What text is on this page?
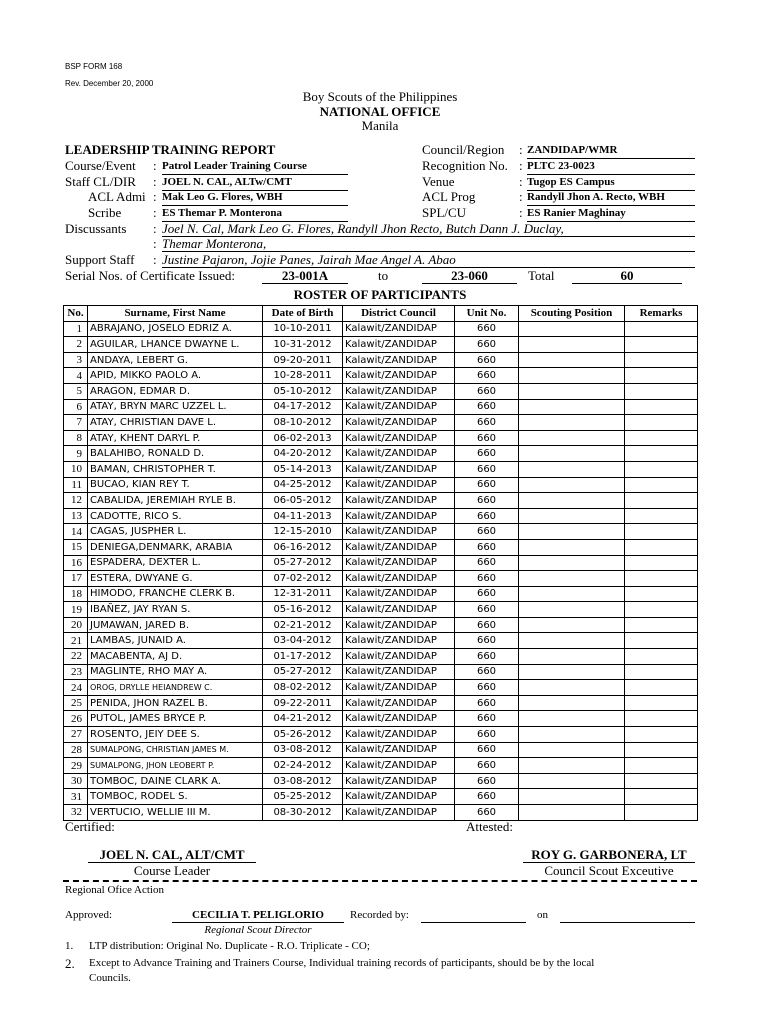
BSP FORM 168
Rev. December 20, 2000
Boy Scouts of the Philippines
NATIONAL OFFICE
Manila
LEADERSHIP TRAINING REPORT
Course/Event : Patrol Leader Training Course
Staff CL/DIR : JOEL N. CAL, ALTw/CMT
ACL Admi : Mak Leo G. Flores, WBH
Scribe : ES Themar P. Monterona
Council/Region : ZANDIDAP/WMR
Recognition No. : PLTC 23-0023
Venue	: Tugop ES Campus
ACL Prog	: Randyll Jhon A. Recto, WBH
SPL/CU	: ES Ranier Maghinay
Discussants : Joel N. Cal, Mark Leo G. Flores, Randyll Jhon Recto, Butch Dann J. Duclay,
: Themar Monterona,
Support Staff : Justine Pajaron, Jojie Panes, Jairah Mae Angel A. Abao
Serial Nos. of Certificate Issued:	23-001A	to	23-060	Total	60
ROSTER OF PARTICIPANTS
No.	Surname, First Name	Date of Birth	District Council	Unit No.	Scouting Position	Remarks
1	ABRAJANO, JOSELO EDRIZ A.	10-10-2011	Kalawit/ZANDIDAP	660		
2	AGUILAR, LHANCE DWAYNE L.	10-31-2012	Kalawit/ZANDIDAP	660		
3	ANDAYA, LEBERT G.	09-20-2011	Kalawit/ZANDIDAP	660		
4	APID, MIKKO PAOLO A.	10-28-2011	Kalawit/ZANDIDAP	660		
5	ARAGON, EDMAR D.	05-10-2012	Kalawit/ZANDIDAP	660		
6	ATAY, BRYN MARC UZZEL L.	04-17-2012	Kalawit/ZANDIDAP	660		
7	ATAY, CHRISTIAN DAVE L.	08-10-2012	Kalawit/ZANDIDAP	660		
8	ATAY, KHENT DARYL P.	06-02-2013	Kalawit/ZANDIDAP	660		
9	BALAHIBO, RONALD D.	04-20-2012	Kalawit/ZANDIDAP	660		
10	BAMAN, CHRISTOPHER T.	05-14-2013	Kalawit/ZANDIDAP	660		
11	BUCAO, KIAN REY T.	04-25-2012	Kalawit/ZANDIDAP	660		
12	CABALIDA, JEREMIAH RYLE B.	06-05-2012	Kalawit/ZANDIDAP	660		
13	CADOTTE, RICO S.	04-11-2013	Kalawit/ZANDIDAP	660		
14	CAGAS, JUSPHER L.	12-15-2010	Kalawit/ZANDIDAP	660		
15	DENIEGA,DENMARK, ARABIA	06-16-2012	Kalawit/ZANDIDAP	660		
16	ESPADERA, DEXTER L.	05-27-2012	Kalawit/ZANDIDAP	660		
17	ESTERA, DWYANE G.	07-02-2012	Kalawit/ZANDIDAP	660		
18	HIMODO, FRANCHE CLERK B.	12-31-2011	Kalawit/ZANDIDAP	660		
19	IBAÑEZ, JAY RYAN S.	05-16-2012	Kalawit/ZANDIDAP	660		
20	JUMAWAN, JARED B.	02-21-2012	Kalawit/ZANDIDAP	660		
21	LAMBAS, JUNAID A.	03-04-2012	Kalawit/ZANDIDAP	660		
22	MACABENTA, AJ D.	01-17-2012	Kalawit/ZANDIDAP	660		
23	MAGLINTE, RHO MAY A.	05-27-2012	Kalawit/ZANDIDAP	660		
24	OROG, DRYLLE HEIANDREW C.	08-02-2012	Kalawit/ZANDIDAP	660		
25	PENIDA, JHON RAZEL B.	09-22-2011	Kalawit/ZANDIDAP	660		
26	PUTOL, JAMES BRYCE P.	04-21-2012	Kalawit/ZANDIDAP	660		
27	ROSENTO, JEIY DEE S.	05-26-2012	Kalawit/ZANDIDAP	660		
28	SUMALPONG, CHRISTIAN JAMES M.	03-08-2012	Kalawit/ZANDIDAP	660		
29	SUMALPONG, JHON LEOBERT P.	02-24-2012	Kalawit/ZANDIDAP	660		
30	TOMBOC, DAINE CLARK A.	03-08-2012	Kalawit/ZANDIDAP	660		
31	TOMBOC, RODEL S.	05-25-2012	Kalawit/ZANDIDAP	660		
32	VERTUCIO, WELLIE III M.	08-30-2012	Kalawit/ZANDIDAP	660		
Certified:	Attested:
JOEL N. CAL, ALT/CMT
Course Leader
ROY G. GARBONERA, LT
Council Scout Exceutive
Regional Ofice Action
Approved:	CECILIA T. PELIGLORIO
Regional Scout Director
Recorded by:	on
1. LTP distribution: Original No. Duplicate - R.O. Triplicate - CO;
2. Except to Advance Training and Trainers Course, Individual training records of participants, should be by the local
Councils.
